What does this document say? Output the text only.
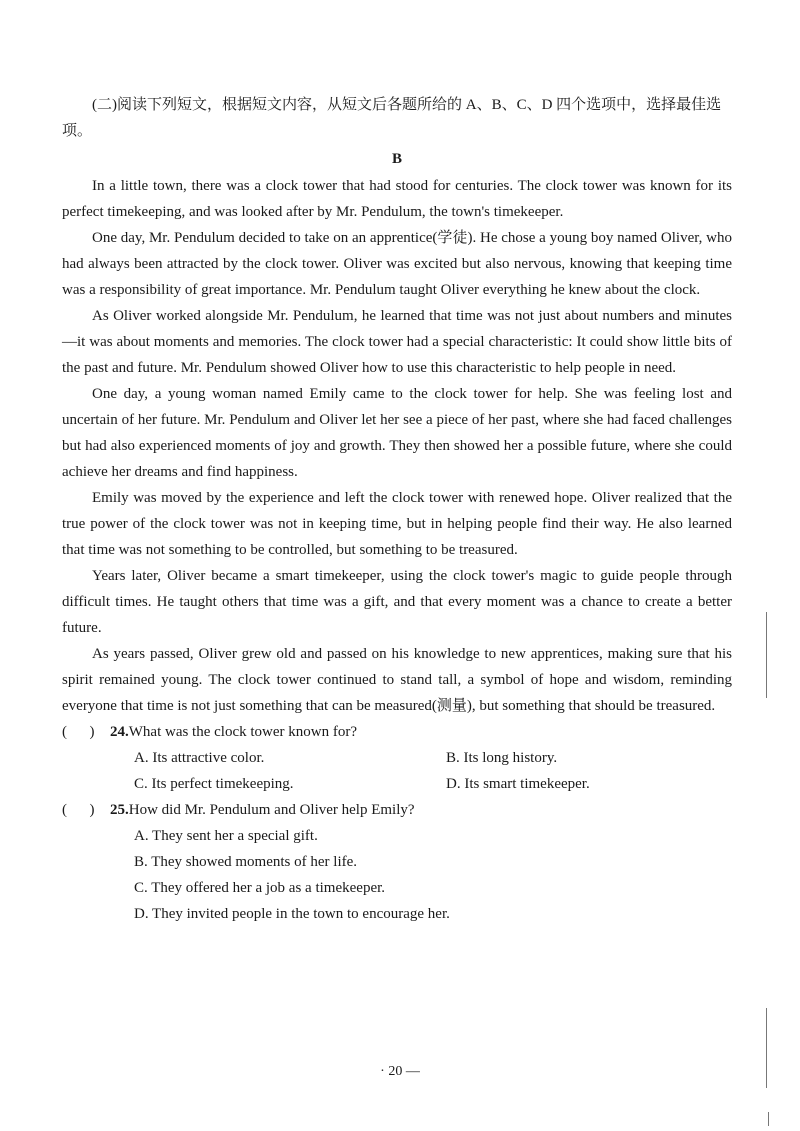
(二)阅读下列短文，根据短文内容，从短文后各题所给的 A、B、C、D 四个选项中，选择最佳选项。

B

In a little town, there was a clock tower that had stood for centuries. The clock tower was known for its perfect timekeeping, and was looked after by Mr. Pendulum, the town's timekeeper.

One day, Mr. Pendulum decided to take on an apprentice(学徒). He chose a young boy named Oliver, who had always been attracted by the clock tower. Oliver was excited but also nervous, knowing that keeping time was a responsibility of great importance. Mr. Pendulum taught Oliver everything he knew about the clock.

As Oliver worked alongside Mr. Pendulum, he learned that time was not just about numbers and minutes—it was about moments and memories. The clock tower had a special characteristic: It could show little bits of the past and future. Mr. Pendulum showed Oliver how to use this characteristic to help people in need.

One day, a young woman named Emily came to the clock tower for help. She was feeling lost and uncertain of her future. Mr. Pendulum and Oliver let her see a piece of her past, where she had faced challenges but had also experienced moments of joy and growth. They then showed her a possible future, where she could achieve her dreams and find happiness.

Emily was moved by the experience and left the clock tower with renewed hope. Oliver realized that the true power of the clock tower was not in keeping time, but in helping people find their way. He also learned that time was not something to be controlled, but something to be treasured.

Years later, Oliver became a smart timekeeper, using the clock tower's magic to guide people through difficult times. He taught others that time was a gift, and that every moment was a chance to create a better future.

As years passed, Oliver grew old and passed on his knowledge to new apprentices, making sure that his spirit remained young. The clock tower continued to stand tall, a symbol of hope and wisdom, reminding everyone that time is not just something that can be measured(测量), but something that should be treasured.

(      )	24. What was the clock tower known for?
A. Its attractive color.	B. Its long history.
C. Its perfect timekeeping.	D. Its smart timekeeper.
(      )	25. How did Mr. Pendulum and Oliver help Emily?
A. They sent her a special gift.
B. They showed moments of her life.
C. They offered her a job as a timekeeper.
D. They invited people in the town to encourage her.
· 20 —
